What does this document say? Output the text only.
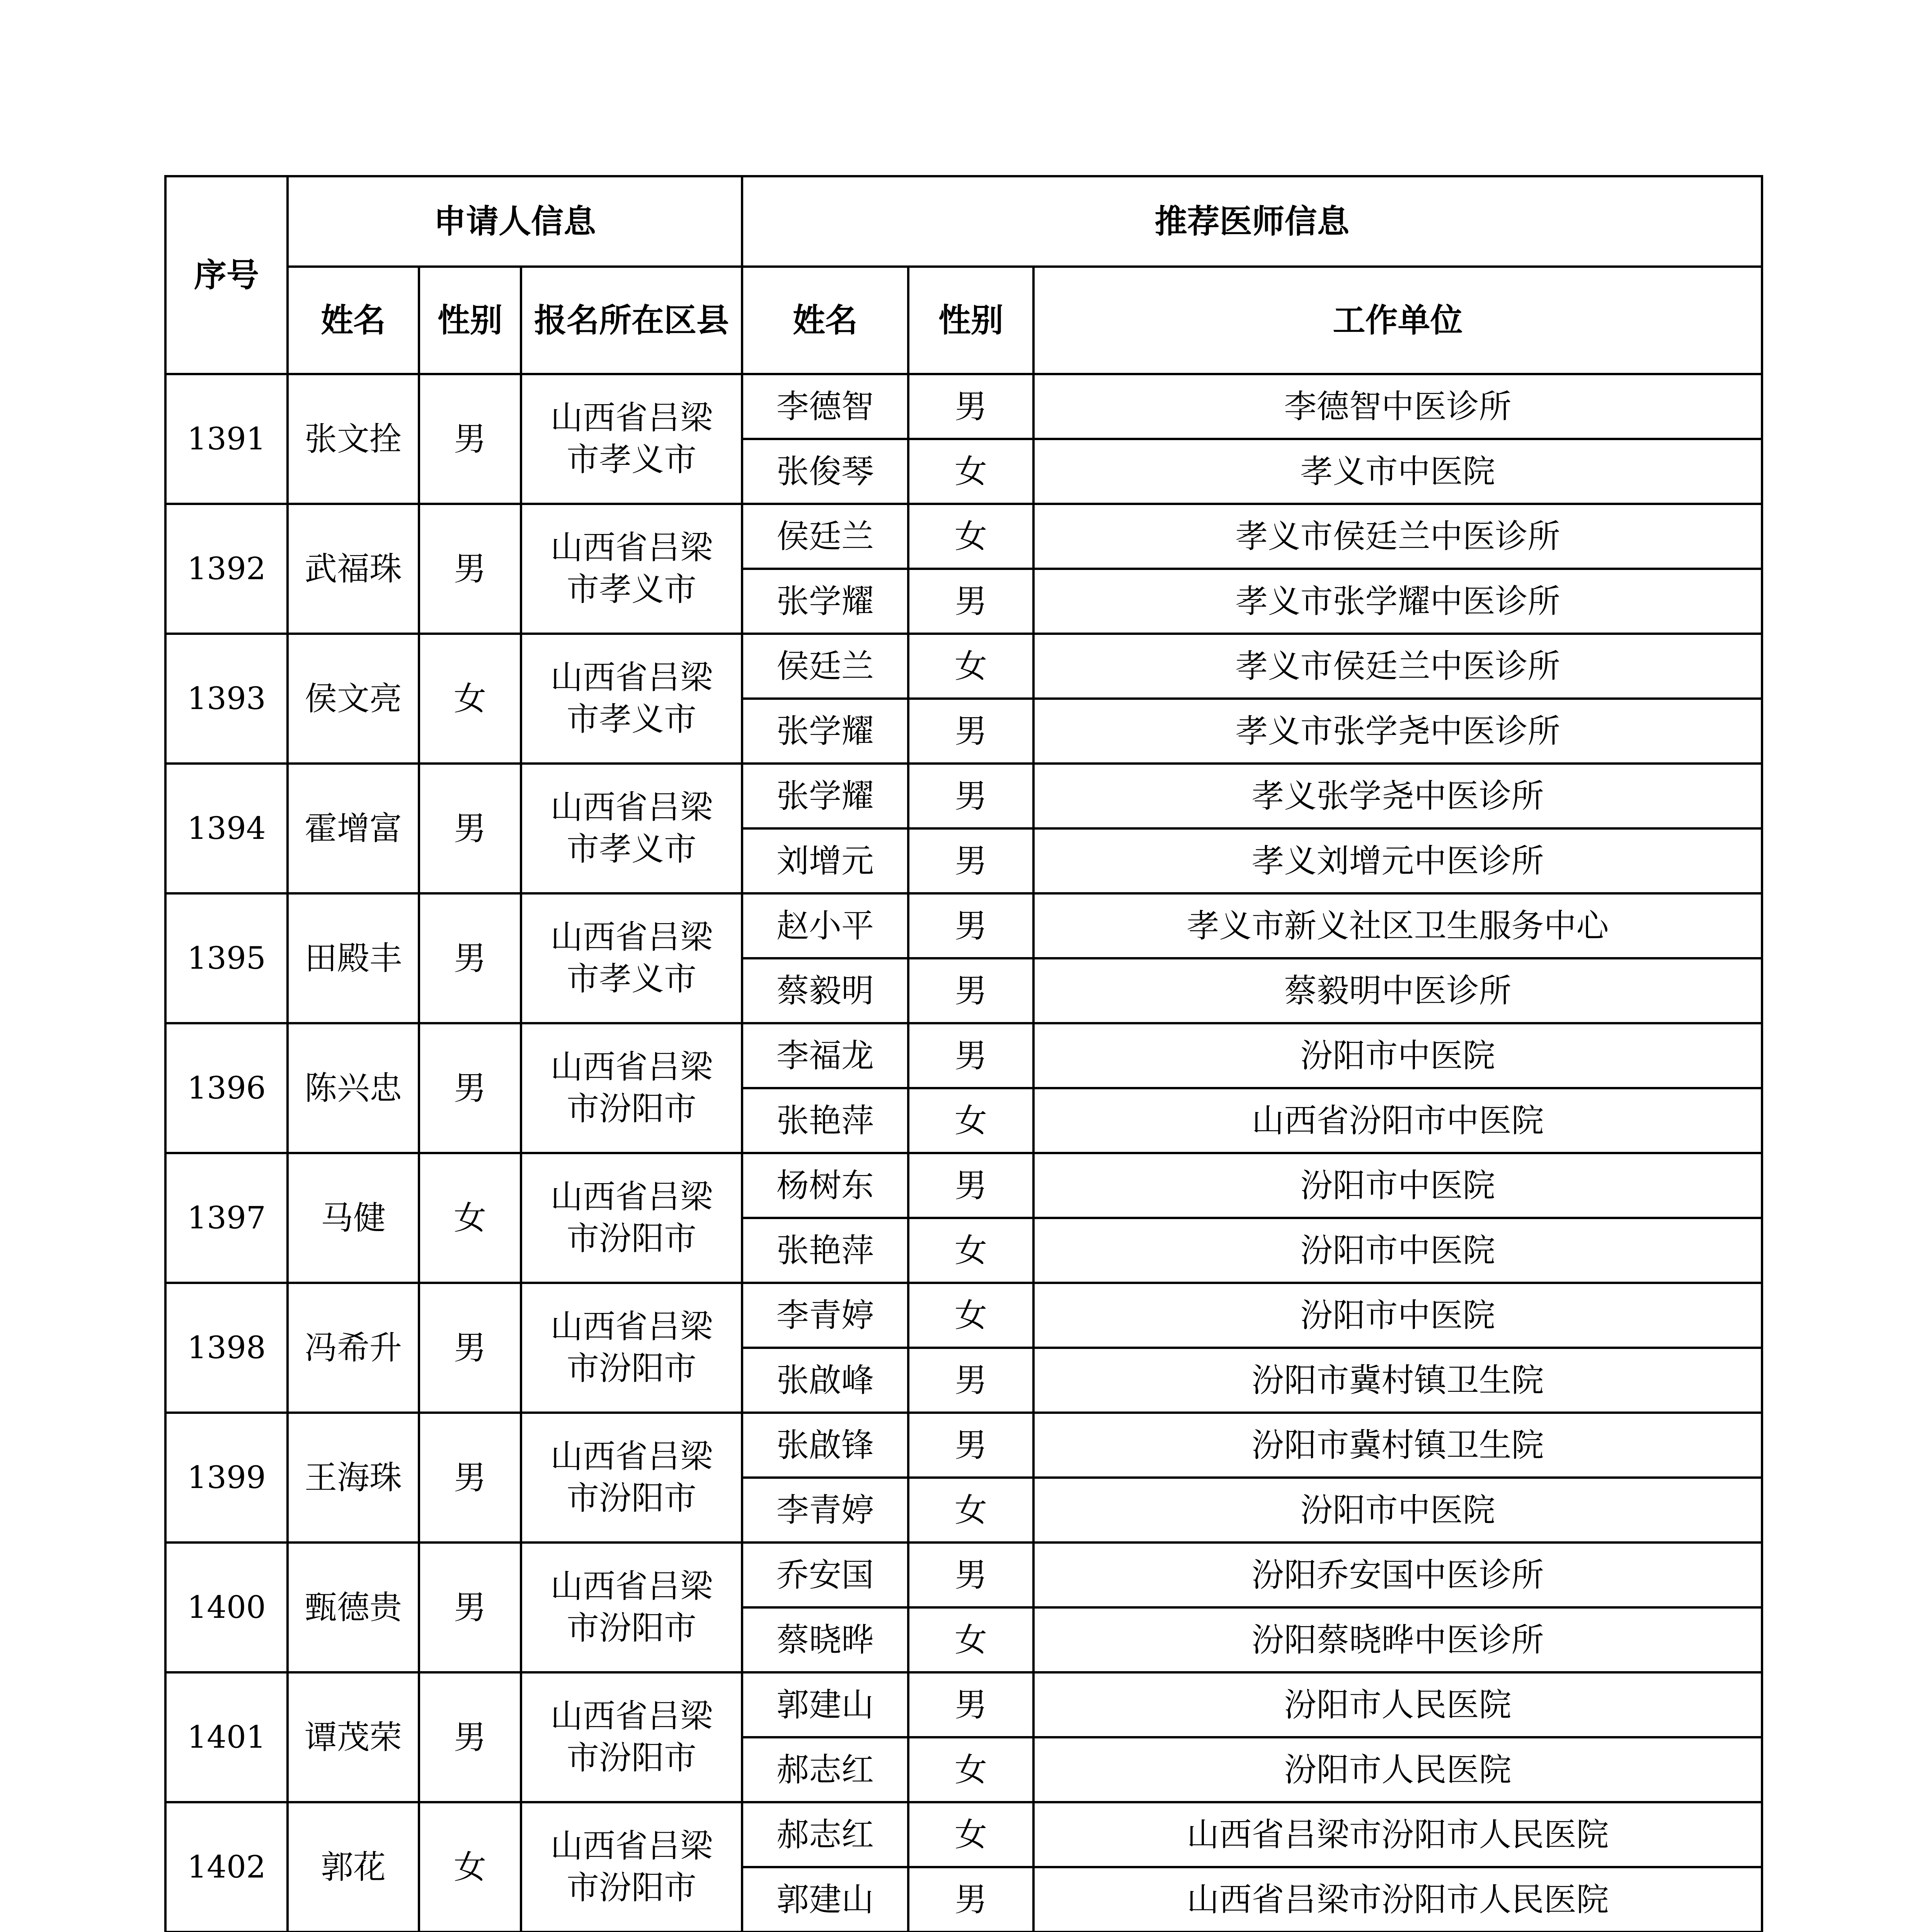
序号	申请人信息			推荐医师信息		
	姓名	性别	报名所在区县	姓名	性别	工作单位
1391	张文拴	男	山西省吕梁市孝义市	李德智	男	李德智中医诊所
				张俊琴	女	孝义市中医院
1392	武福珠	男	山西省吕梁市孝义市	侯廷兰	女	孝义市侯廷兰中医诊所
				张学耀	男	孝义市张学耀中医诊所
1393	侯文亮	女	山西省吕梁市孝义市	侯廷兰	女	孝义市侯廷兰中医诊所
				张学耀	男	孝义市张学尧中医诊所
1394	霍增富	男	山西省吕梁市孝义市	张学耀	男	孝义张学尧中医诊所
				刘增元	男	孝义刘增元中医诊所
1395	田殿丰	男	山西省吕梁市孝义市	赵小平	男	孝义市新义社区卫生服务中心
				蔡毅明	男	蔡毅明中医诊所
1396	陈兴忠	男	山西省吕梁市汾阳市	李福龙	男	汾阳市中医院
				张艳萍	女	山西省汾阳市中医院
1397	马健	女	山西省吕梁市汾阳市	杨树东	男	汾阳市中医院
				张艳萍	女	汾阳市中医院
1398	冯希升	男	山西省吕梁市汾阳市	李青婷	女	汾阳市中医院
				张啟峰	男	汾阳市冀村镇卫生院
1399	王海珠	男	山西省吕梁市汾阳市	张啟锋	男	汾阳市冀村镇卫生院
				李青婷	女	汾阳市中医院
1400	甄德贵	男	山西省吕梁市汾阳市	乔安国	男	汾阳乔安国中医诊所
				蔡晓晔	女	汾阳蔡晓晔中医诊所
1401	谭茂荣	男	山西省吕梁市汾阳市	郭建山	男	汾阳市人民医院
				郝志红	女	汾阳市人民医院
1402	郭花	女	山西省吕梁市汾阳市	郝志红	女	山西省吕梁市汾阳市人民医院
				郭建山	男	山西省吕梁市汾阳市人民医院
